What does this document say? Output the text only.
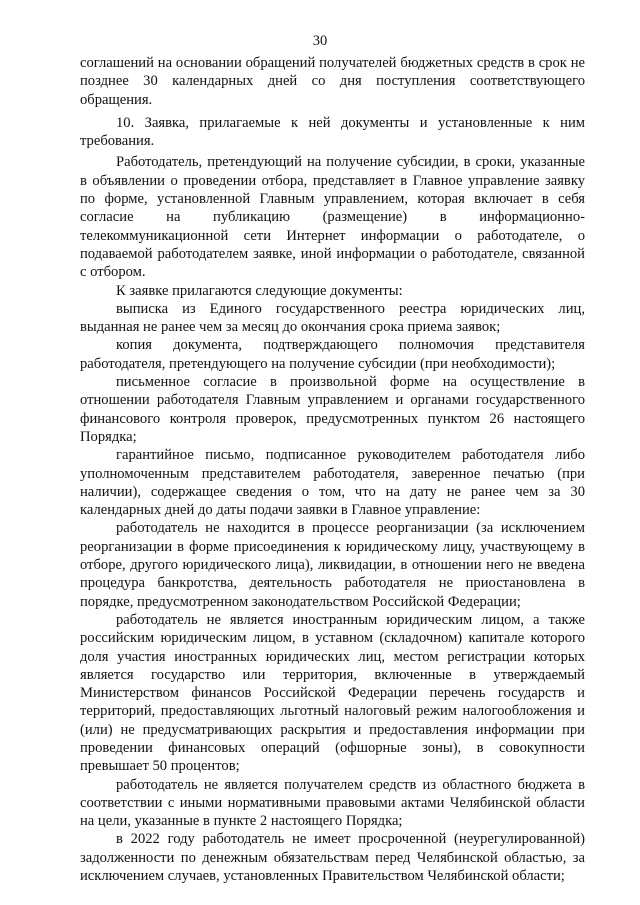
30

соглашений на основании обращений получателей бюджетных средств в срок не позднее 30 календарных дней со дня поступления соответствующего обращения.

10. Заявка, прилагаемые к ней документы и установленные к ним требования.

Работодатель, претендующий на получение субсидии, в сроки, указанные в объявлении о проведении отбора, представляет в Главное управление заявку по форме, установленной Главным управлением, которая включает в себя согласие на публикацию (размещение) в информационно-телекоммуникационной сети Интернет информации о работодателе, о подаваемой работодателем заявке, иной информации о работодателе, связанной с отбором.

К заявке прилагаются следующие документы:

выписка из Единого государственного реестра юридических лиц, выданная не ранее чем за месяц до окончания срока приема заявок;

копия документа, подтверждающего полномочия представителя работодателя, претендующего на получение субсидии (при необходимости);

письменное согласие в произвольной форме на осуществление в отношении работодателя Главным управлением и органами государственного финансового контроля проверок, предусмотренных пунктом 26 настоящего Порядка;

гарантийное письмо, подписанное руководителем работодателя либо уполномоченным представителем работодателя, заверенное печатью (при наличии), содержащее сведения о том, что на дату не ранее чем за 30 календарных дней до даты подачи заявки в Главное управление:

работодатель не находится в процессе реорганизации (за исключением реорганизации в форме присоединения к юридическому лицу, участвующему в отборе, другого юридического лица), ликвидации, в отношении него не введена процедура банкротства, деятельность работодателя не приостановлена в порядке, предусмотренном законодательством Российской Федерации;

работодатель не является иностранным юридическим лицом, а также российским юридическим лицом, в уставном (складочном) капитале которого доля участия иностранных юридических лиц, местом регистрации которых является государство или территория, включенные в утверждаемый Министерством финансов Российской Федерации перечень государств и территорий, предоставляющих льготный налоговый режим налогообложения и (или) не предусматривающих раскрытия и предоставления информации при проведении финансовых операций (офшорные зоны), в совокупности превышает 50 процентов;

работодатель не является получателем средств из областного бюджета в соответствии с иными нормативными правовыми актами Челябинской области на цели, указанные в пункте 2 настоящего Порядка;

в 2022 году работодатель не имеет просроченной (неурегулированной) задолженности по денежным обязательствам перед Челябинской областью, за исключением случаев, установленных Правительством Челябинской области;
